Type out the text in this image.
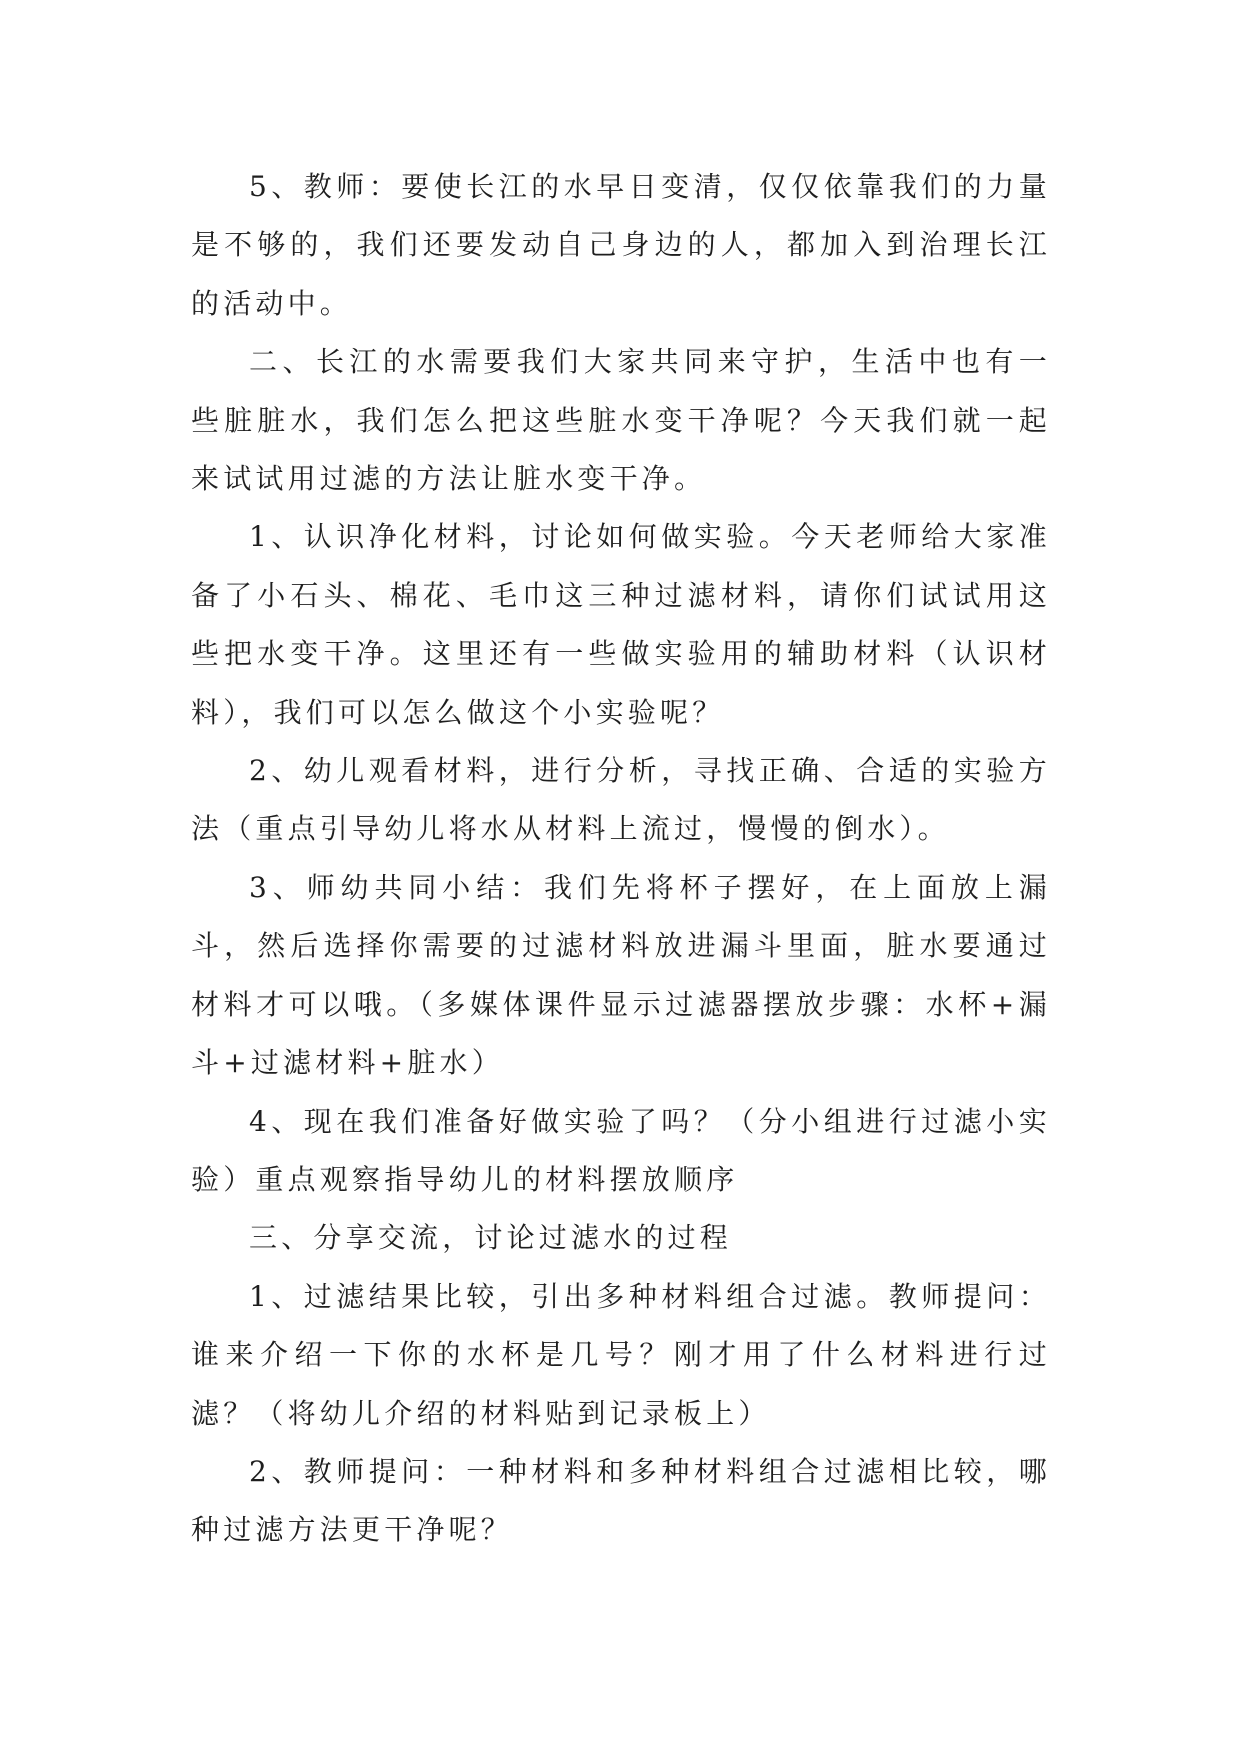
5、教师：要使长江的水早日变清，仅仅依靠我们的力量是不够的，我们还要发动自己身边的人，都加入到治理长江的活动中。

二、长江的水需要我们大家共同来守护，生活中也有一些脏脏水，我们怎么把这些脏水变干净呢？今天我们就一起来试试用过滤的方法让脏水变干净。

1、认识净化材料，讨论如何做实验。今天老师给大家准备了小石头、棉花、毛巾这三种过滤材料，请你们试试用这些把水变干净。这里还有一些做实验用的辅助材料（认识材料），我们可以怎么做这个小实验呢？

2、幼儿观看材料，进行分析，寻找正确、合适的实验方法（重点引导幼儿将水从材料上流过，慢慢的倒水）。

3、师幼共同小结：我们先将杯子摆好，在上面放上漏斗，然后选择你需要的过滤材料放进漏斗里面，脏水要通过材料才可以哦。（多媒体课件显示过滤器摆放步骤：水杯+漏斗+过滤材料+脏水）

4、现在我们准备好做实验了吗？（分小组进行过滤小实验）重点观察指导幼儿的材料摆放顺序

三、分享交流，讨论过滤水的过程

1、过滤结果比较，引出多种材料组合过滤。教师提问：谁来介绍一下你的水杯是几号？刚才用了什么材料进行过滤？（将幼儿介绍的材料贴到记录板上）

2、教师提问：一种材料和多种材料组合过滤相比较，哪种过滤方法更干净呢？
